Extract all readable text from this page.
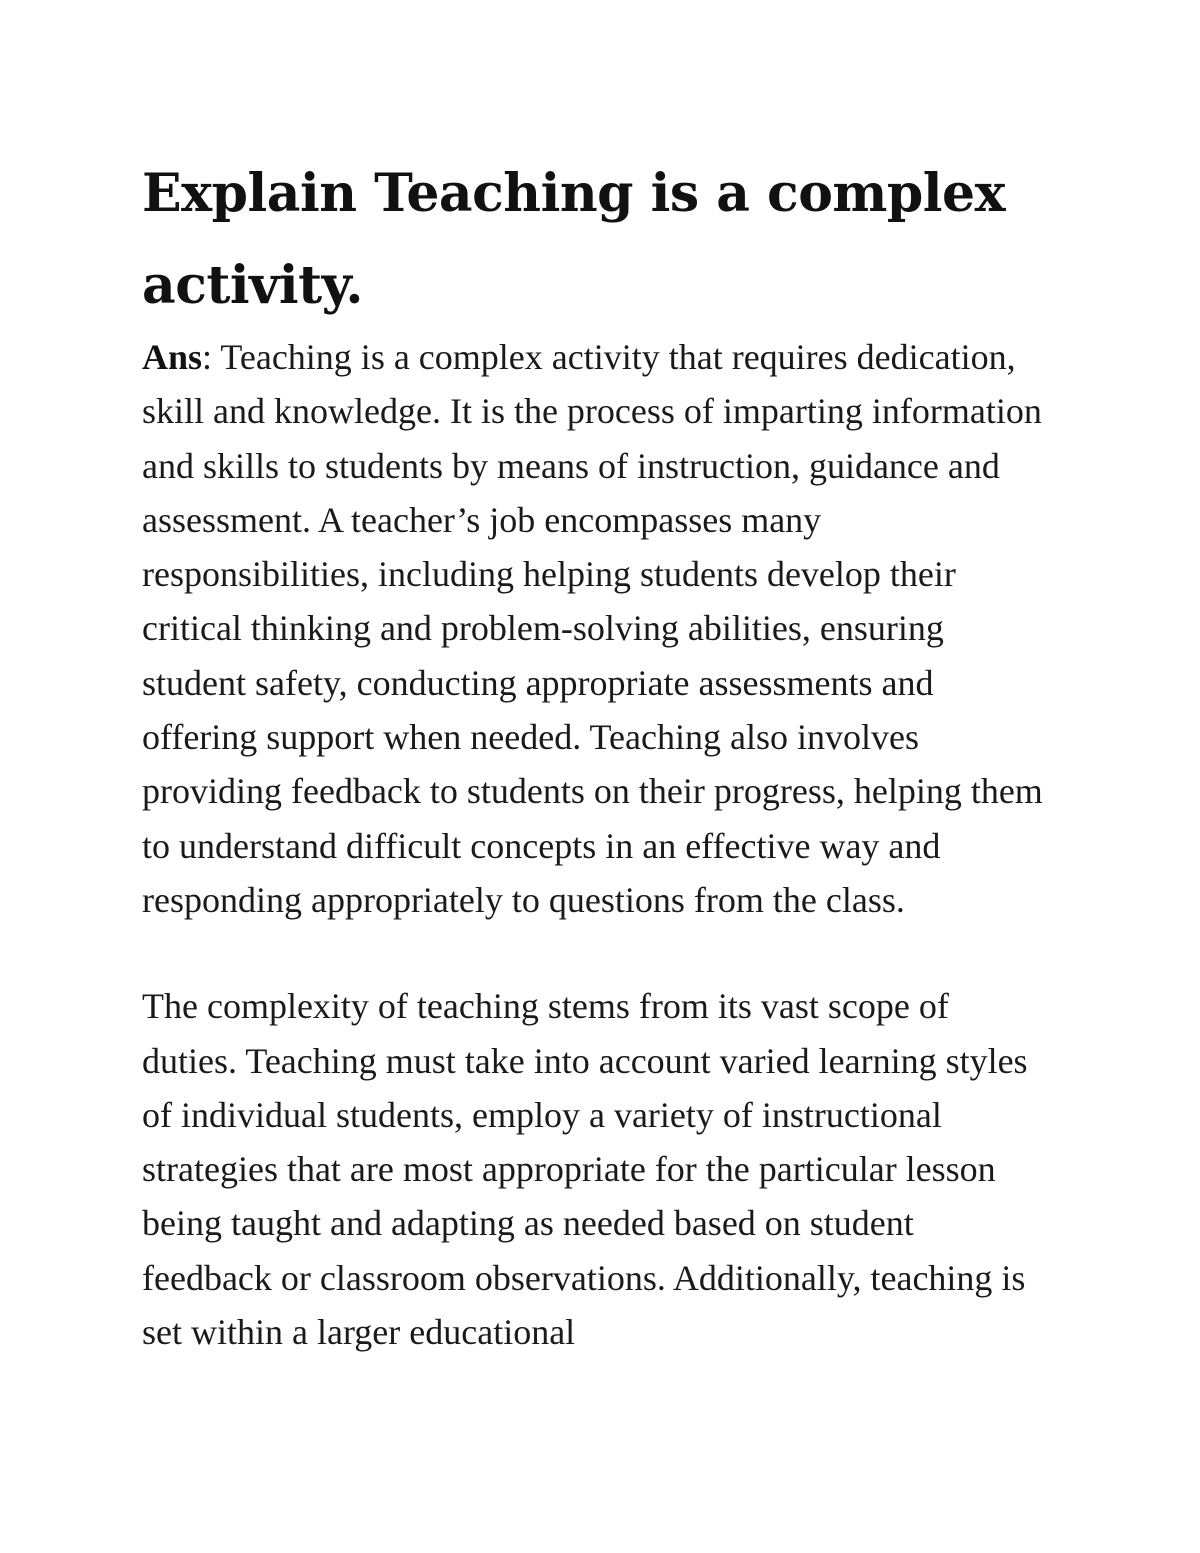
Explain Teaching is a complex activity.

Ans: Teaching is a complex activity that requires dedication, skill and knowledge. It is the process of imparting information and skills to students by means of instruction, guidance and assessment. A teacher’s job encompasses many responsibilities, including helping students develop their critical thinking and problem-solving abilities, ensuring student safety, conducting appropriate assessments and offering support when needed. Teaching also involves providing feedback to students on their progress, helping them to understand difficult concepts in an effective way and responding appropriately to questions from the class.

The complexity of teaching stems from its vast scope of duties. Teaching must take into account varied learning styles of individual students, employ a variety of instructional strategies that are most appropriate for the particular lesson being taught and adapting as needed based on student feedback or classroom observations. Additionally, teaching is set within a larger educational
